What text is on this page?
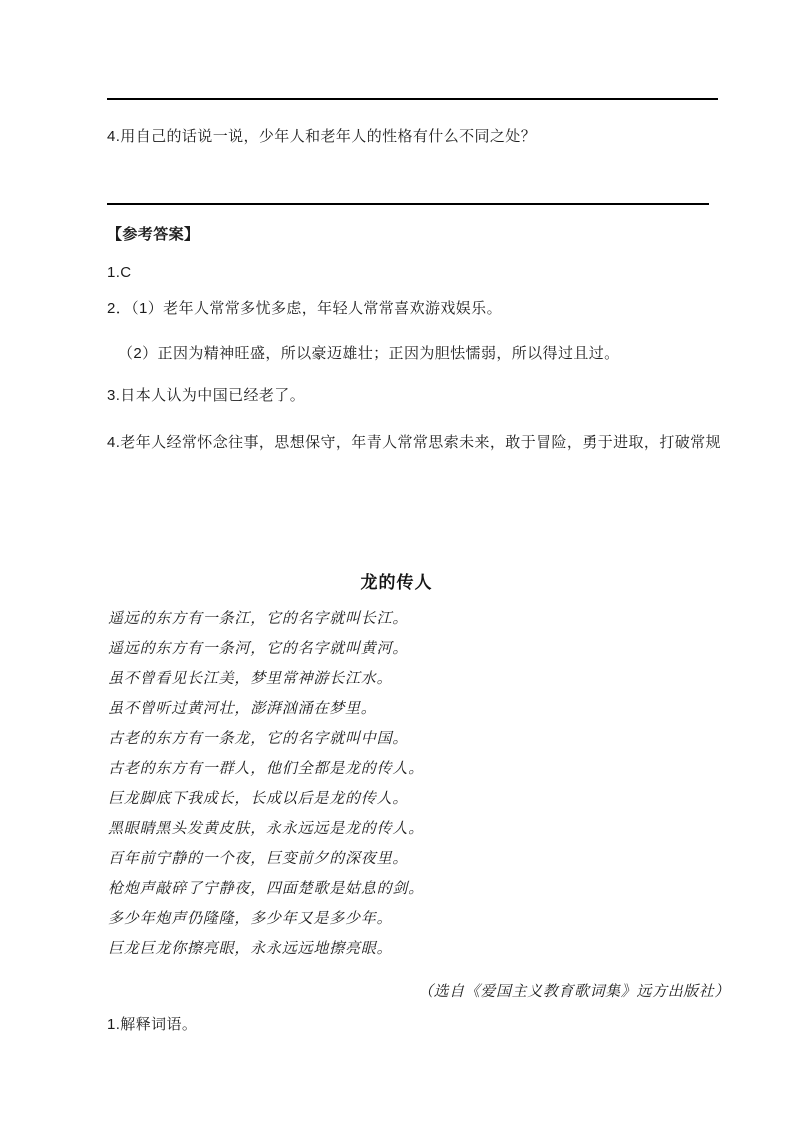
4.用自己的话说一说，少年人和老年人的性格有什么不同之处？
【参考答案】
1.C
2．（1）老年人常常多忧多虑，年轻人常常喜欢游戏娱乐。
（2）正因为精神旺盛，所以豪迈雄壮；正因为胆怯懦弱，所以得过且过。
3.日本人认为中国已经老了。
4.老年人经常怀念往事，思想保守，年青人常常思索未来，敢于冒险，勇于进取，打破常规
龙的传人
遥远的东方有一条江，它的名字就叫长江。
遥远的东方有一条河，它的名字就叫黄河。
虽不曾看见长江美，梦里常神游长江水。
虽不曾听过黄河壮，澎湃汹涌在梦里。
古老的东方有一条龙，它的名字就叫中国。
古老的东方有一群人，他们全都是龙的传人。
巨龙脚底下我成长，长成以后是龙的传人。
黑眼睛黑头发黄皮肤，永永远远是龙的传人。
百年前宁静的一个夜，巨变前夕的深夜里。
枪炮声敲碎了宁静夜，四面楚歌是姑息的剑。
多少年炮声仍隆隆，多少年又是多少年。
巨龙巨龙你擦亮眼，永永远远地擦亮眼。
（选自《爱国主义教育歌词集》远方出版社）
1.解释词语。
